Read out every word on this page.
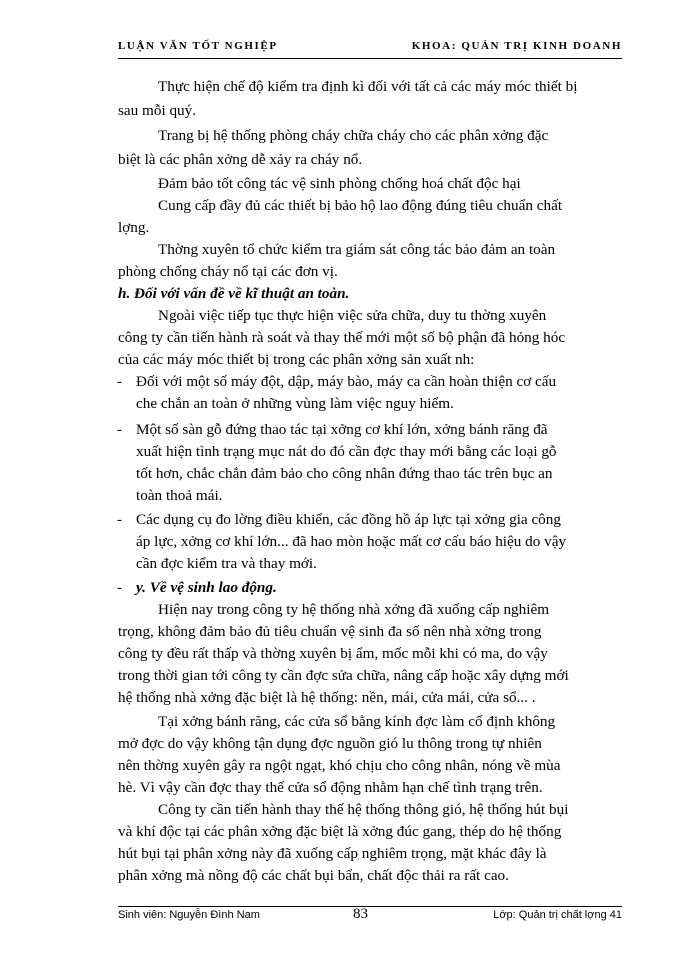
LUẬN VĂN TỐT NGHIỆP	KHOA: QUẢN TRỊ KINH DOANH
Thực hiện chế độ kiểm tra định kì đối với tất cả các máy móc thiết bị
sau mỗi quý.
Trang bị hệ thống phòng cháy chữa cháy cho các phân xởng đặc
biệt là các phân xởng dễ xảy ra cháy nổ.
Đảm bảo tốt công tác vệ sinh phòng chống hoá chất độc hại
Cung cấp đầy đủ các thiết bị bảo hộ lao động đúng tiêu chuẩn chất
lợng.
Thờng xuyên tổ chức kiểm tra giám sát công tác bảo đảm an toàn
phòng chống cháy nổ tại các đơn vị.
h. Đối với vấn đề về kĩ thuật an toàn.
Ngoài việc tiếp tục thực hiện việc sửa chữa, duy tu thờng xuyên
công ty cần tiến hành rà soát và thay thế mới một số bộ phận đã hỏng hóc
của các máy móc thiết bị trong các phân xởng sản xuất nh:
- Đối với một số máy đột, dập, máy bào, máy ca cần hoàn thiện cơ cấu
che chắn an toàn ở những vùng làm việc nguy hiểm.
- Một số sàn gỗ đứng thao tác tại xởng cơ khí lớn, xởng bánh răng đã
xuất hiện tình trạng mục nát do đó cần đợc thay mới bằng các loại gỗ
tốt hơn, chắc chắn đảm bảo cho công nhân đứng thao tác trên bục an
toàn thoả mái.
- Các dụng cụ đo lờng điều khiển, các đồng hồ áp lực tại xởng gia công
áp lực, xởng cơ khí lớn... đã hao mòn hoặc mất cơ cấu báo hiệu do vậy
cần đợc kiểm tra và thay mới.
- y. Về vệ sinh lao động.
Hiện nay trong công ty hệ thống nhà xởng đã xuống cấp nghiêm
trọng, không đảm bảo đủ tiêu chuẩn vệ sinh đa số nên nhà xởng trong
công ty đều rất thấp và thờng xuyên bị ẩm, mốc mỗi khi có ma, do vậy
trong thời gian tới công ty cần đợc sửa chữa, nâng cấp hoặc xây dựng mới
hệ thống nhà xởng đặc biệt là hệ thống: nền, mái, cửa mái, cửa sổ... .
Tại xởng bánh răng, các cửa sổ bằng kính đợc làm cố định không
mở đợc do vậy không tận dụng đợc nguồn gió lu thông trong tự nhiên
nên thờng xuyên gây ra ngột ngạt, khó chịu cho công nhân, nóng về mùa
hè. Vì vậy cần đợc thay thế cửa sổ động nhằm hạn chế tình trạng trên.
Công ty cần tiến hành thay thế hệ thống thông gió, hệ thống hút bụi
và khí độc tại các phân xởng đặc biệt là xởng đúc gang, thép do hệ thống
hút bụi tại phân xởng này đã xuống cấp nghiêm trọng, mặt khác đây là
phân xởng mà nồng độ các chất bụi bẩn, chất độc thải ra rất cao.
Sinh viên: Nguyễn Đình Nam	83	Lớp: Quản trị chất lợng 41
